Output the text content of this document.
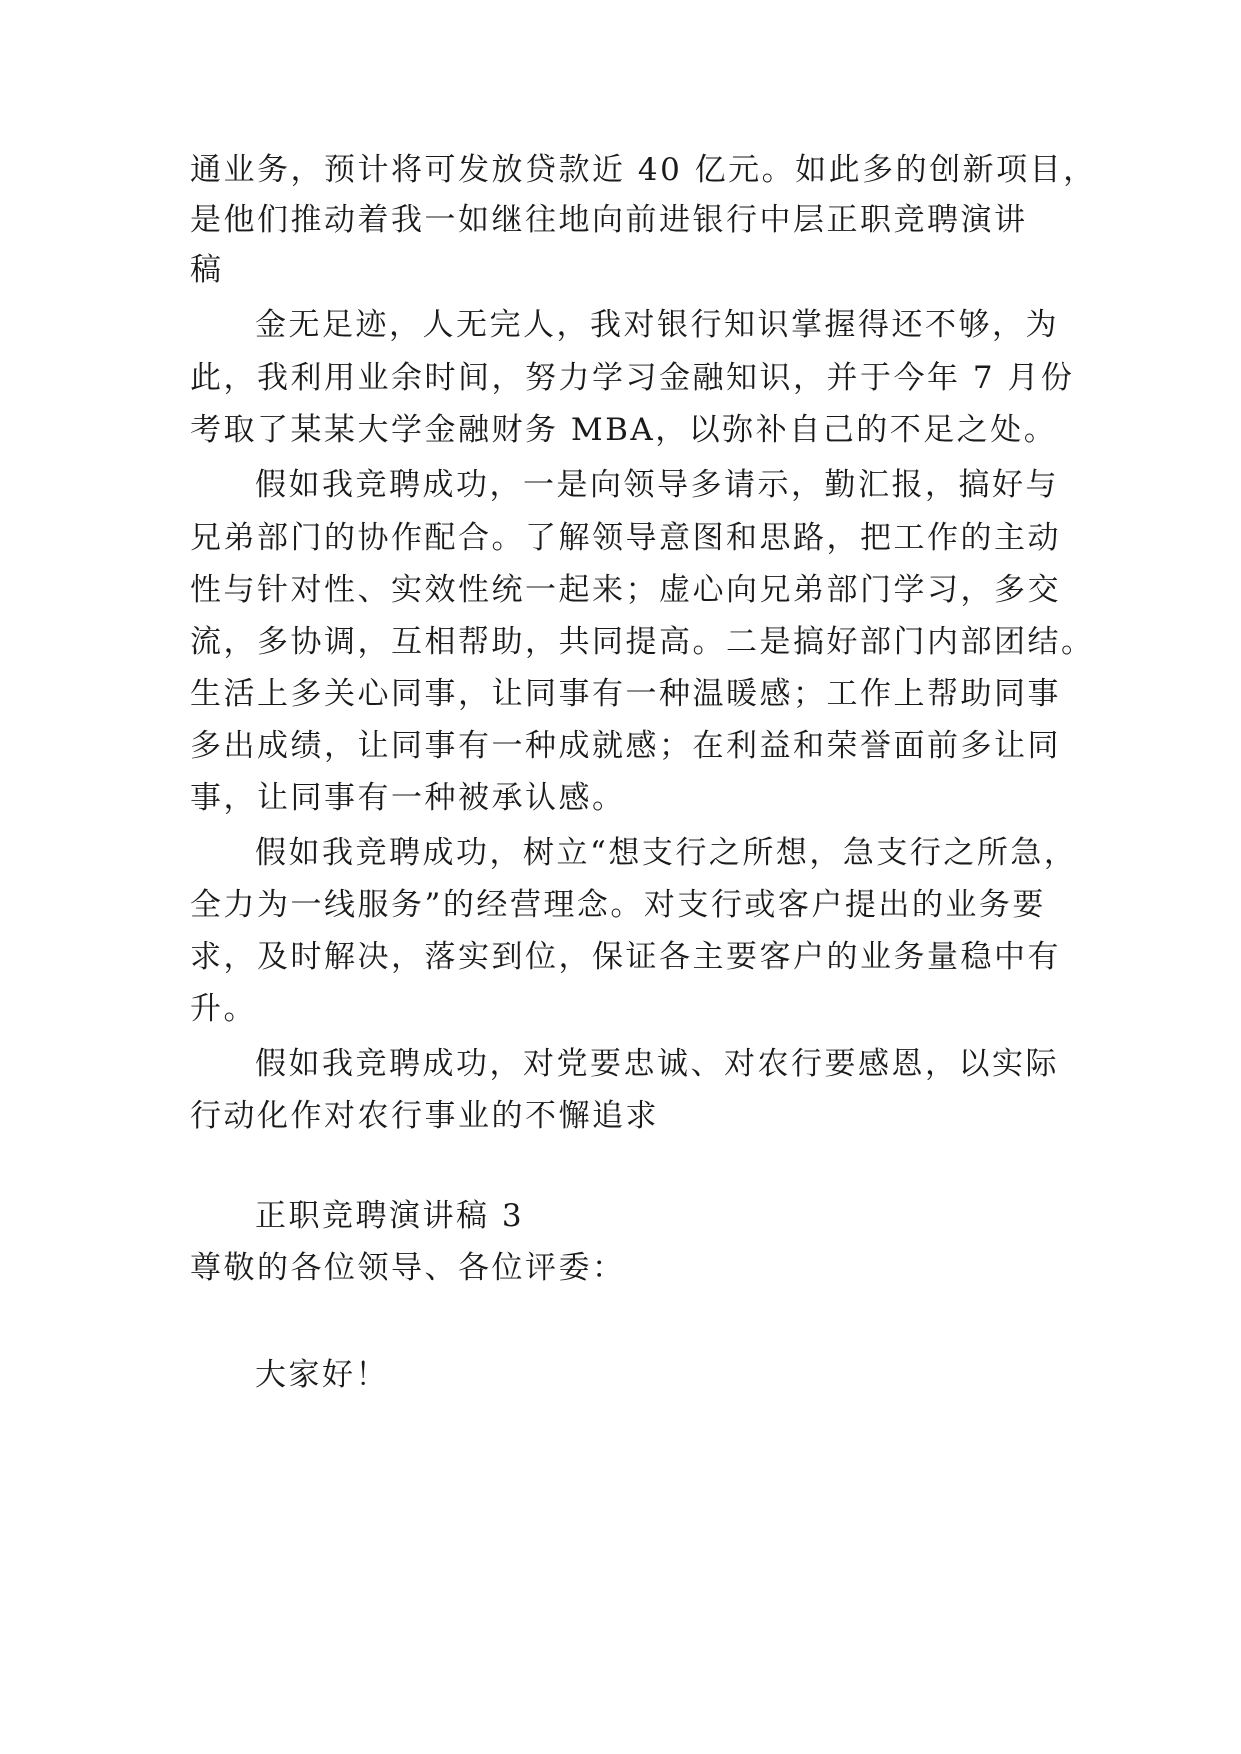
通业务，预计将可发放贷款近 40 亿元。如此多的创新项目，
是他们推动着我一如继往地向前进银行中层正职竞聘演讲
稿
金无足迹，人无完人，我对银行知识掌握得还不够，为
此，我利用业余时间，努力学习金融知识，并于今年 7 月份
考取了某某大学金融财务 MBA，以弥补自己的不足之处。
假如我竞聘成功，一是向领导多请示，勤汇报，搞好与
兄弟部门的协作配合。了解领导意图和思路，把工作的主动
性与针对性、实效性统一起来；虚心向兄弟部门学习，多交
流，多协调，互相帮助，共同提高。二是搞好部门内部团结。
生活上多关心同事，让同事有一种温暖感；工作上帮助同事
多出成绩，让同事有一种成就感；在利益和荣誉面前多让同
事，让同事有一种被承认感。
假如我竞聘成功，树立“想支行之所想，急支行之所急，
全力为一线服务”的经营理念。对支行或客户提出的业务要
求，及时解决，落实到位，保证各主要客户的业务量稳中有
升。
假如我竞聘成功，对党要忠诚、对农行要感恩，以实际
行动化作对农行事业的不懈追求
正职竞聘演讲稿 3
尊敬的各位领导、各位评委：
大家好！
